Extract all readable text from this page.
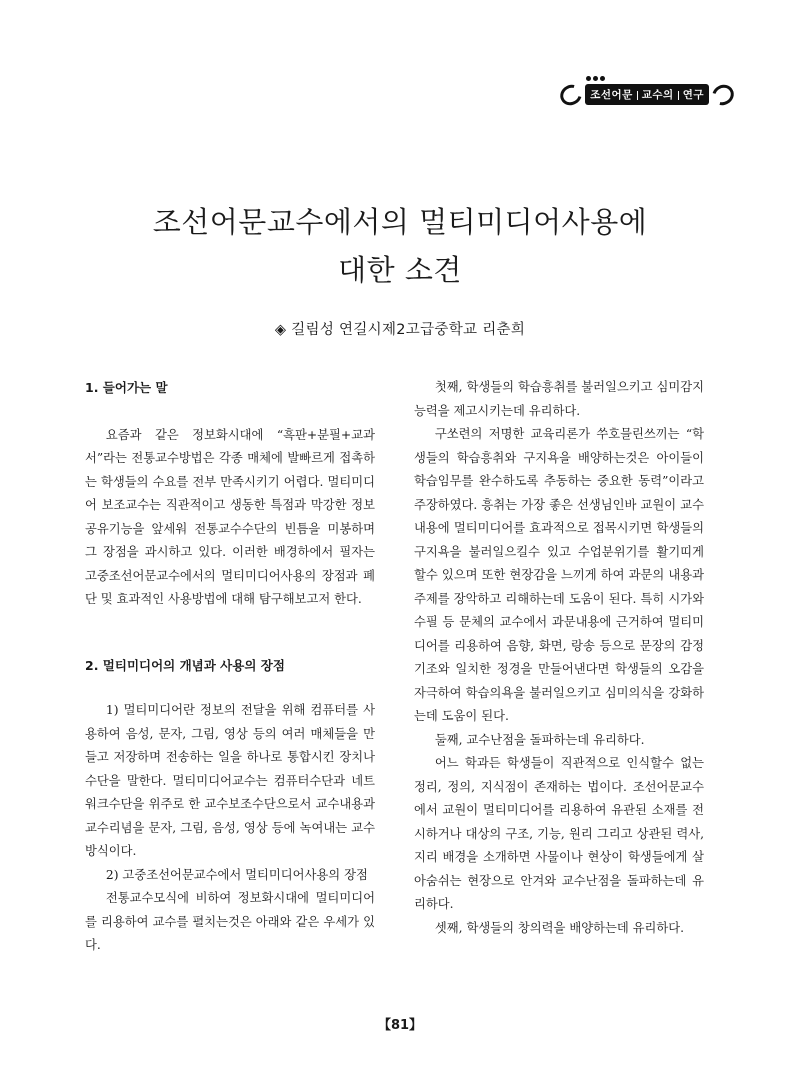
조선어문 교수의 연구
조선어문교수에서의 멀티미디어사용에
대한 소견
◈ 길림성 연길시제2고급중학교 리춘희

1. 들어가는 말

요즘과 같은 정보화시대에 “흑판+분필+교과서”라는 전통교수방법은 각종 매체에 발빠르게 접촉하는 학생들의 수요를 전부 만족시키기 어렵다. 멀티미디어 보조교수는 직관적이고 생동한 특점과 막강한 정보공유기능을 앞세워 전통교수수단의 빈틈을 미봉하며 그 장점을 과시하고 있다. 이러한 배경하에서 필자는 고중조선어문교수에서의 멀티미디어사용의 장점과 폐단 및 효과적인 사용방법에 대해 탐구해보고저 한다.

2. 멀티미디어의 개념과 사용의 장점

1) 멀티미디어란 정보의 전달을 위해 컴퓨터를 사용하여 음성, 문자, 그림, 영상 등의 여러 매체들을 만들고 저장하며 전송하는 일을 하나로 통합시킨 장치나 수단을 말한다. 멀티미디어교수는 컴퓨터수단과 네트워크수단을 위주로 한 교수보조수단으로서 교수내용과 교수리념을 문자, 그림, 음성, 영상 등에 녹여내는 교수방식이다.

2) 고중조선어문교수에서 멀티미디어사용의 장점

전통교수모식에 비하여 정보화시대에 멀티미디어를 리용하여 교수를 펼치는것은 아래와 같은 우세가 있다.

첫째, 학생들의 학습흥취를 불러일으키고 심미감지능력을 제고시키는데 유리하다.

구쏘련의 저명한 교육리론가 쑤호믈린쓰끼는 “학생들의 학습흥취와 구지욕을 배양하는것은 아이들이 학습임무를 완수하도록 추동하는 중요한 동력”이라고 주장하였다. 흥취는 가장 좋은 선생님인바 교원이 교수내용에 멀티미디어를 효과적으로 접목시키면 학생들의 구지욕을 불러일으킬수 있고 수업분위기를 활기띠게 할수 있으며 또한 현장감을 느끼게 하여 과문의 내용과 주제를 장악하고 리해하는데 도움이 된다. 특히 시가와 수필 등 문체의 교수에서 과문내용에 근거하여 멀티미디어를 리용하여 음향, 화면, 랑송 등으로 문장의 감정기조와 일치한 정경을 만들어낸다면 학생들의 오감을 자극하여 학습의욕을 불러일으키고 심미의식을 강화하는데 도움이 된다.

둘째, 교수난점을 돌파하는데 유리하다.

어느 학과든 학생들이 직관적으로 인식할수 없는 정리, 정의, 지식점이 존재하는 법이다. 조선어문교수에서 교원이 멀티미디어를 리용하여 유관된 소재를 전시하거나 대상의 구조, 기능, 원리 그리고 상관된 력사, 지리 배경을 소개하면 사물이나 현상이 학생들에게 살아숨쉬는 현장으로 안겨와 교수난점을 돌파하는데 유리하다.

셋째, 학생들의 창의력을 배양하는데 유리하다.

【81】
